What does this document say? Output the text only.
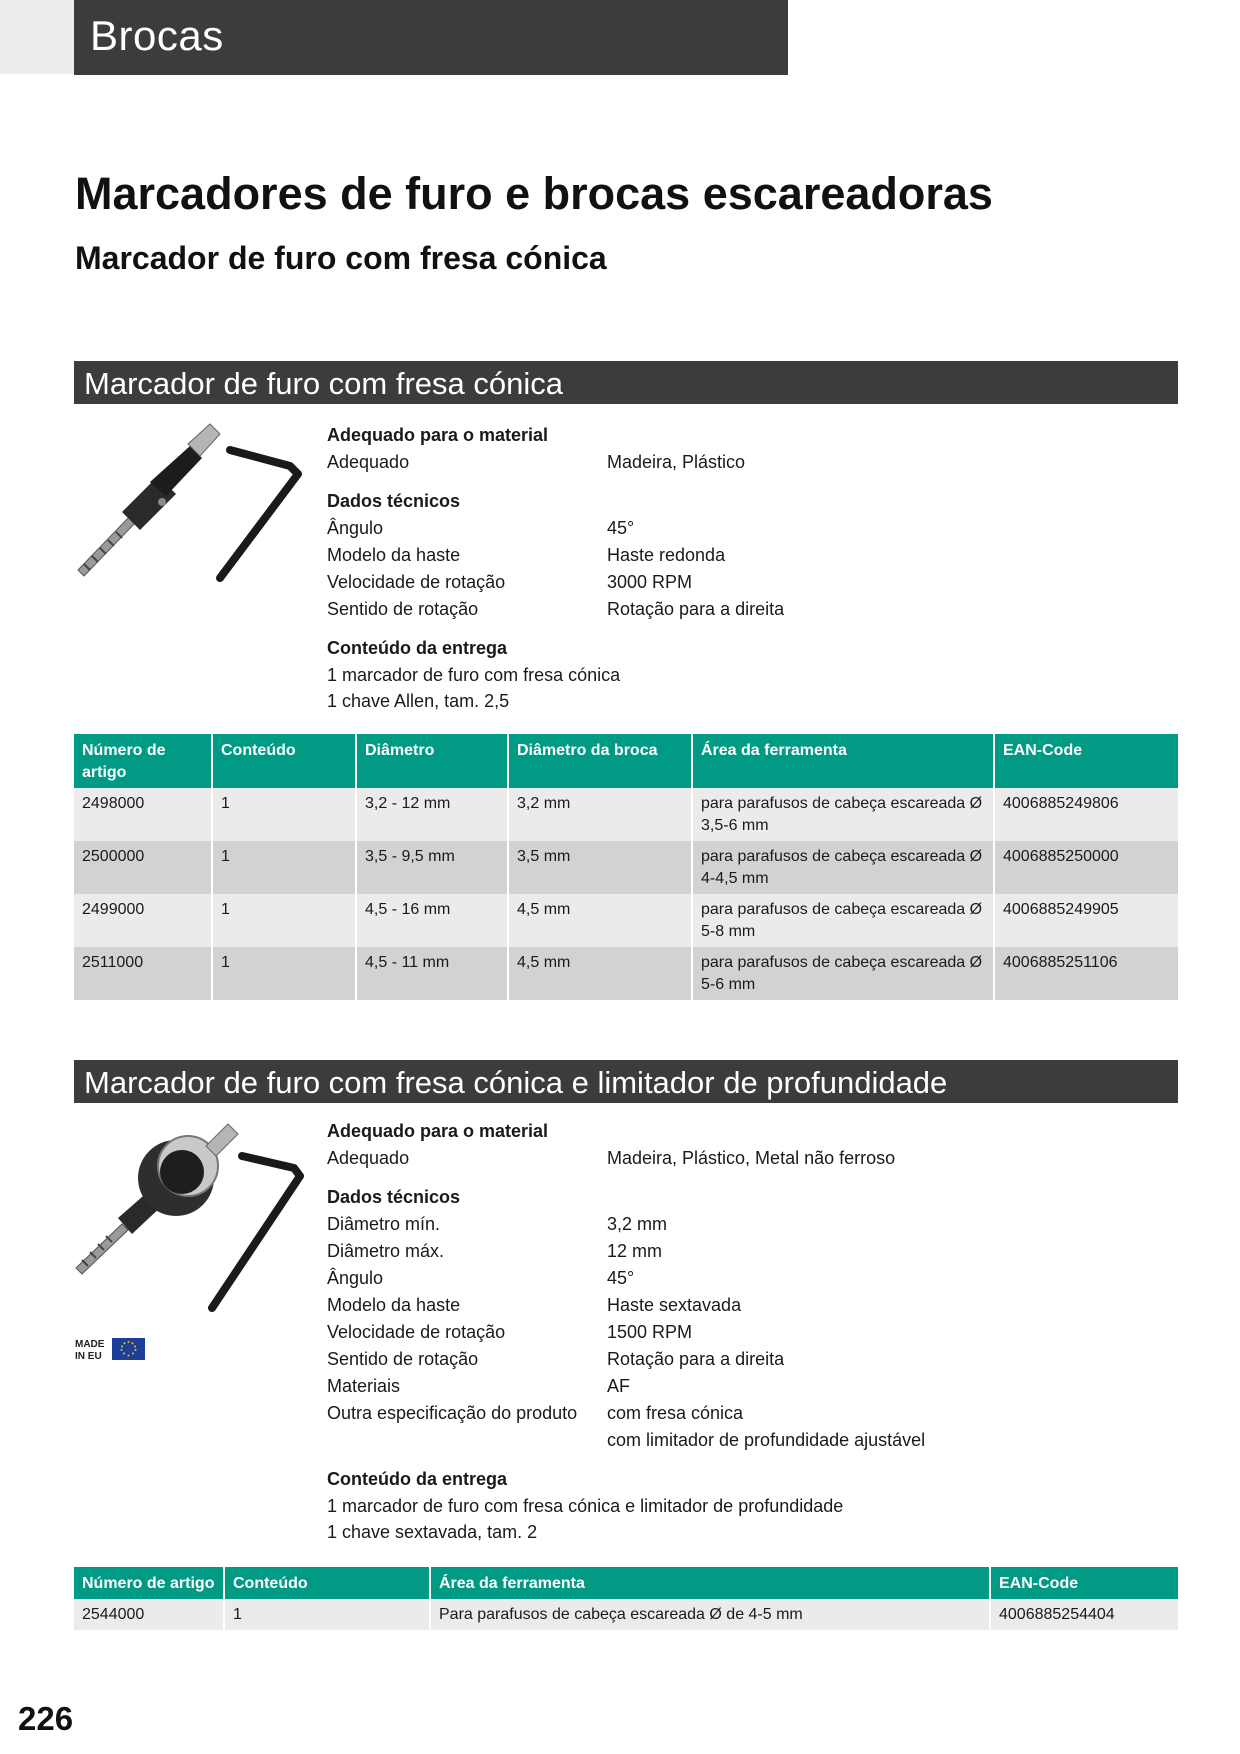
Brocas
Marcadores de furo e brocas escareadoras
Marcador de furo com fresa cónica
Marcador de furo com fresa cónica
Adequado para o material
Adequado	Madeira, Plástico
Dados técnicos
Ângulo	45°
Modelo da haste	Haste redonda
Velocidade de rotação	3000 RPM
Sentido de rotação	Rotação para a direita
Conteúdo da entrega
1 marcador de furo com fresa cónica
1 chave Allen, tam. 2,5
Número de artigo	Conteúdo	Diâmetro	Diâmetro da broca	Área da ferramenta	EAN-Code
2498000	1	3,2 - 12 mm	3,2 mm	para parafusos de cabeça escareada Ø 3,5-6 mm	4006885249806
2500000	1	3,5 - 9,5 mm	3,5 mm	para parafusos de cabeça escareada Ø 4-4,5 mm	4006885250000
2499000	1	4,5 - 16 mm	4,5 mm	para parafusos de cabeça escareada Ø 5-8 mm	4006885249905
2511000	1	4,5 - 11 mm	4,5 mm	para parafusos de cabeça escareada Ø 5-6 mm	4006885251106
Marcador de furo com fresa cónica e limitador de profundidade
MADE
IN EU
Adequado para o material
Adequado	Madeira, Plástico, Metal não ferroso
Dados técnicos
Diâmetro mín.	3,2 mm
Diâmetro máx.	12 mm
Ângulo	45°
Modelo da haste	Haste sextavada
Velocidade de rotação	1500 RPM
Sentido de rotação	Rotação para a direita
Materiais	AF
Outra especificação do produto	com fresa cónica
com limitador de profundidade ajustável
Conteúdo da entrega
1 marcador de furo com fresa cónica e limitador de profundidade
1 chave sextavada, tam. 2
Número de artigo	Conteúdo	Área da ferramenta	EAN-Code
2544000	1	Para parafusos de cabeça escareada Ø de 4-5 mm	4006885254404
226
